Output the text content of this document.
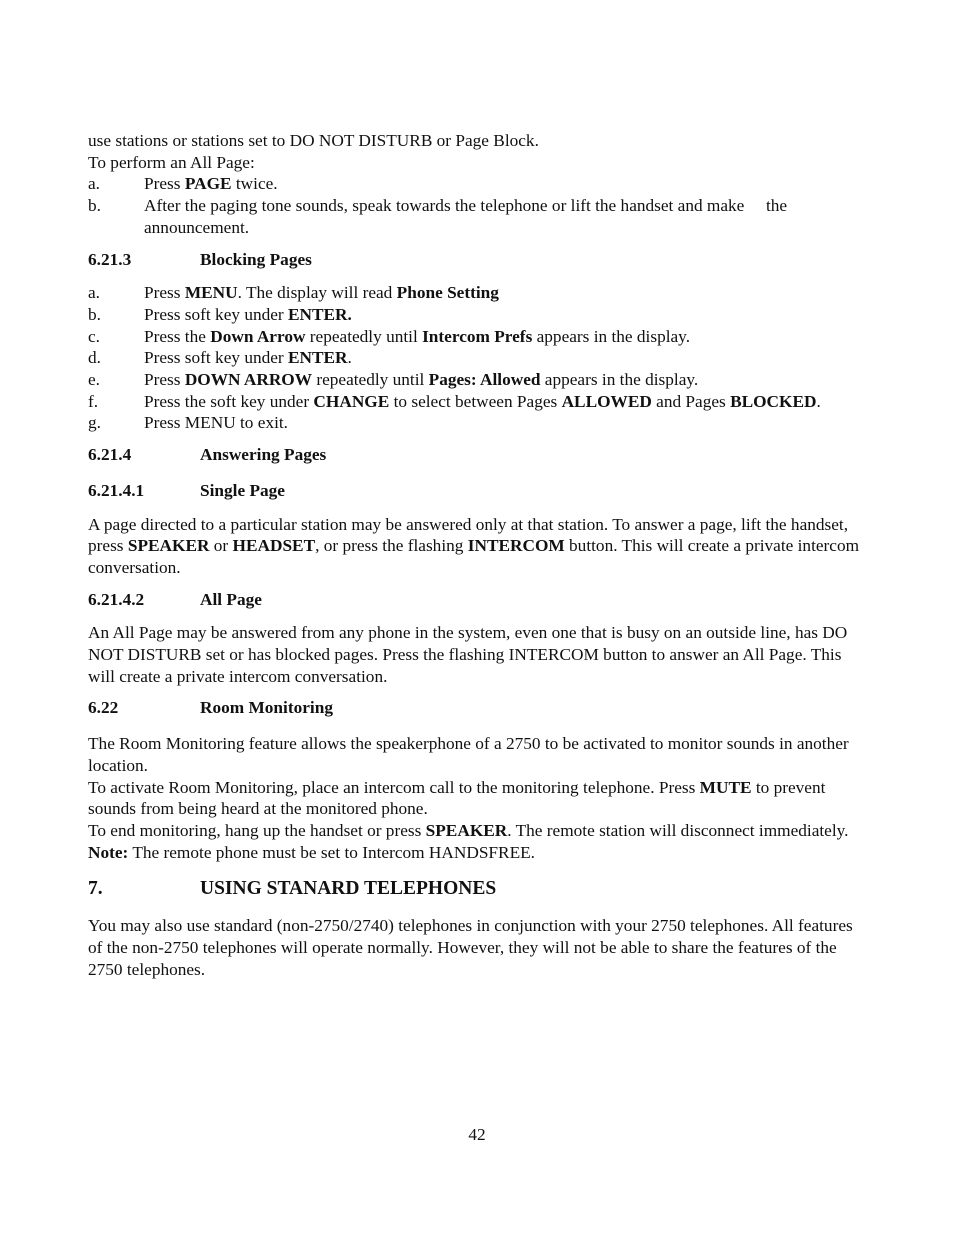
use stations or stations set to DO NOT DISTURB or Page Block.

To perform an All Page:

a.	Press PAGE twice.
b.	After the paging tone sounds, speak towards the telephone or lift the handset and make     the announcement.
6.21.3	Blocking Pages
a.	Press MENU. The display will read Phone Setting
b.	Press soft key under ENTER.
c.	Press the Down Arrow repeatedly until Intercom Prefs appears in the display.
d.	Press soft key under ENTER.
e.	Press DOWN ARROW repeatedly until Pages: Allowed appears in the display.
f.	Press the soft key under CHANGE to select between Pages ALLOWED and Pages BLOCKED.
g.	Press MENU to exit.
6.21.4	Answering Pages
6.21.4.1	Single Page

A page directed to a particular station may be answered only at that station. To answer a page, lift the handset, press SPEAKER or HEADSET, or press the flashing INTERCOM button. This will create a private intercom conversation.

6.21.4.2	All Page

An All Page may be answered from any phone in the system, even one that is busy on an outside line, has DO NOT DISTURB set or has blocked pages. Press the flashing INTERCOM button to answer an All Page. This will create a private intercom conversation.

6.22	Room Monitoring

The Room Monitoring feature allows the speakerphone of a 2750 to be activated to monitor sounds in another location.

To activate Room Monitoring, place an intercom call to the monitoring telephone. Press MUTE to prevent sounds from being heard at the monitored phone.

To end monitoring, hang up the handset or press SPEAKER. The remote station will disconnect immediately.

Note: The remote phone must be set to Intercom HANDSFREE.

7.	USING STANARD TELEPHONES

You may also use standard (non-2750/2740) telephones in conjunction with your 2750 telephones. All features of the non-2750 telephones will operate normally. However, they will not be able to share the features of the 2750 telephones.

42
